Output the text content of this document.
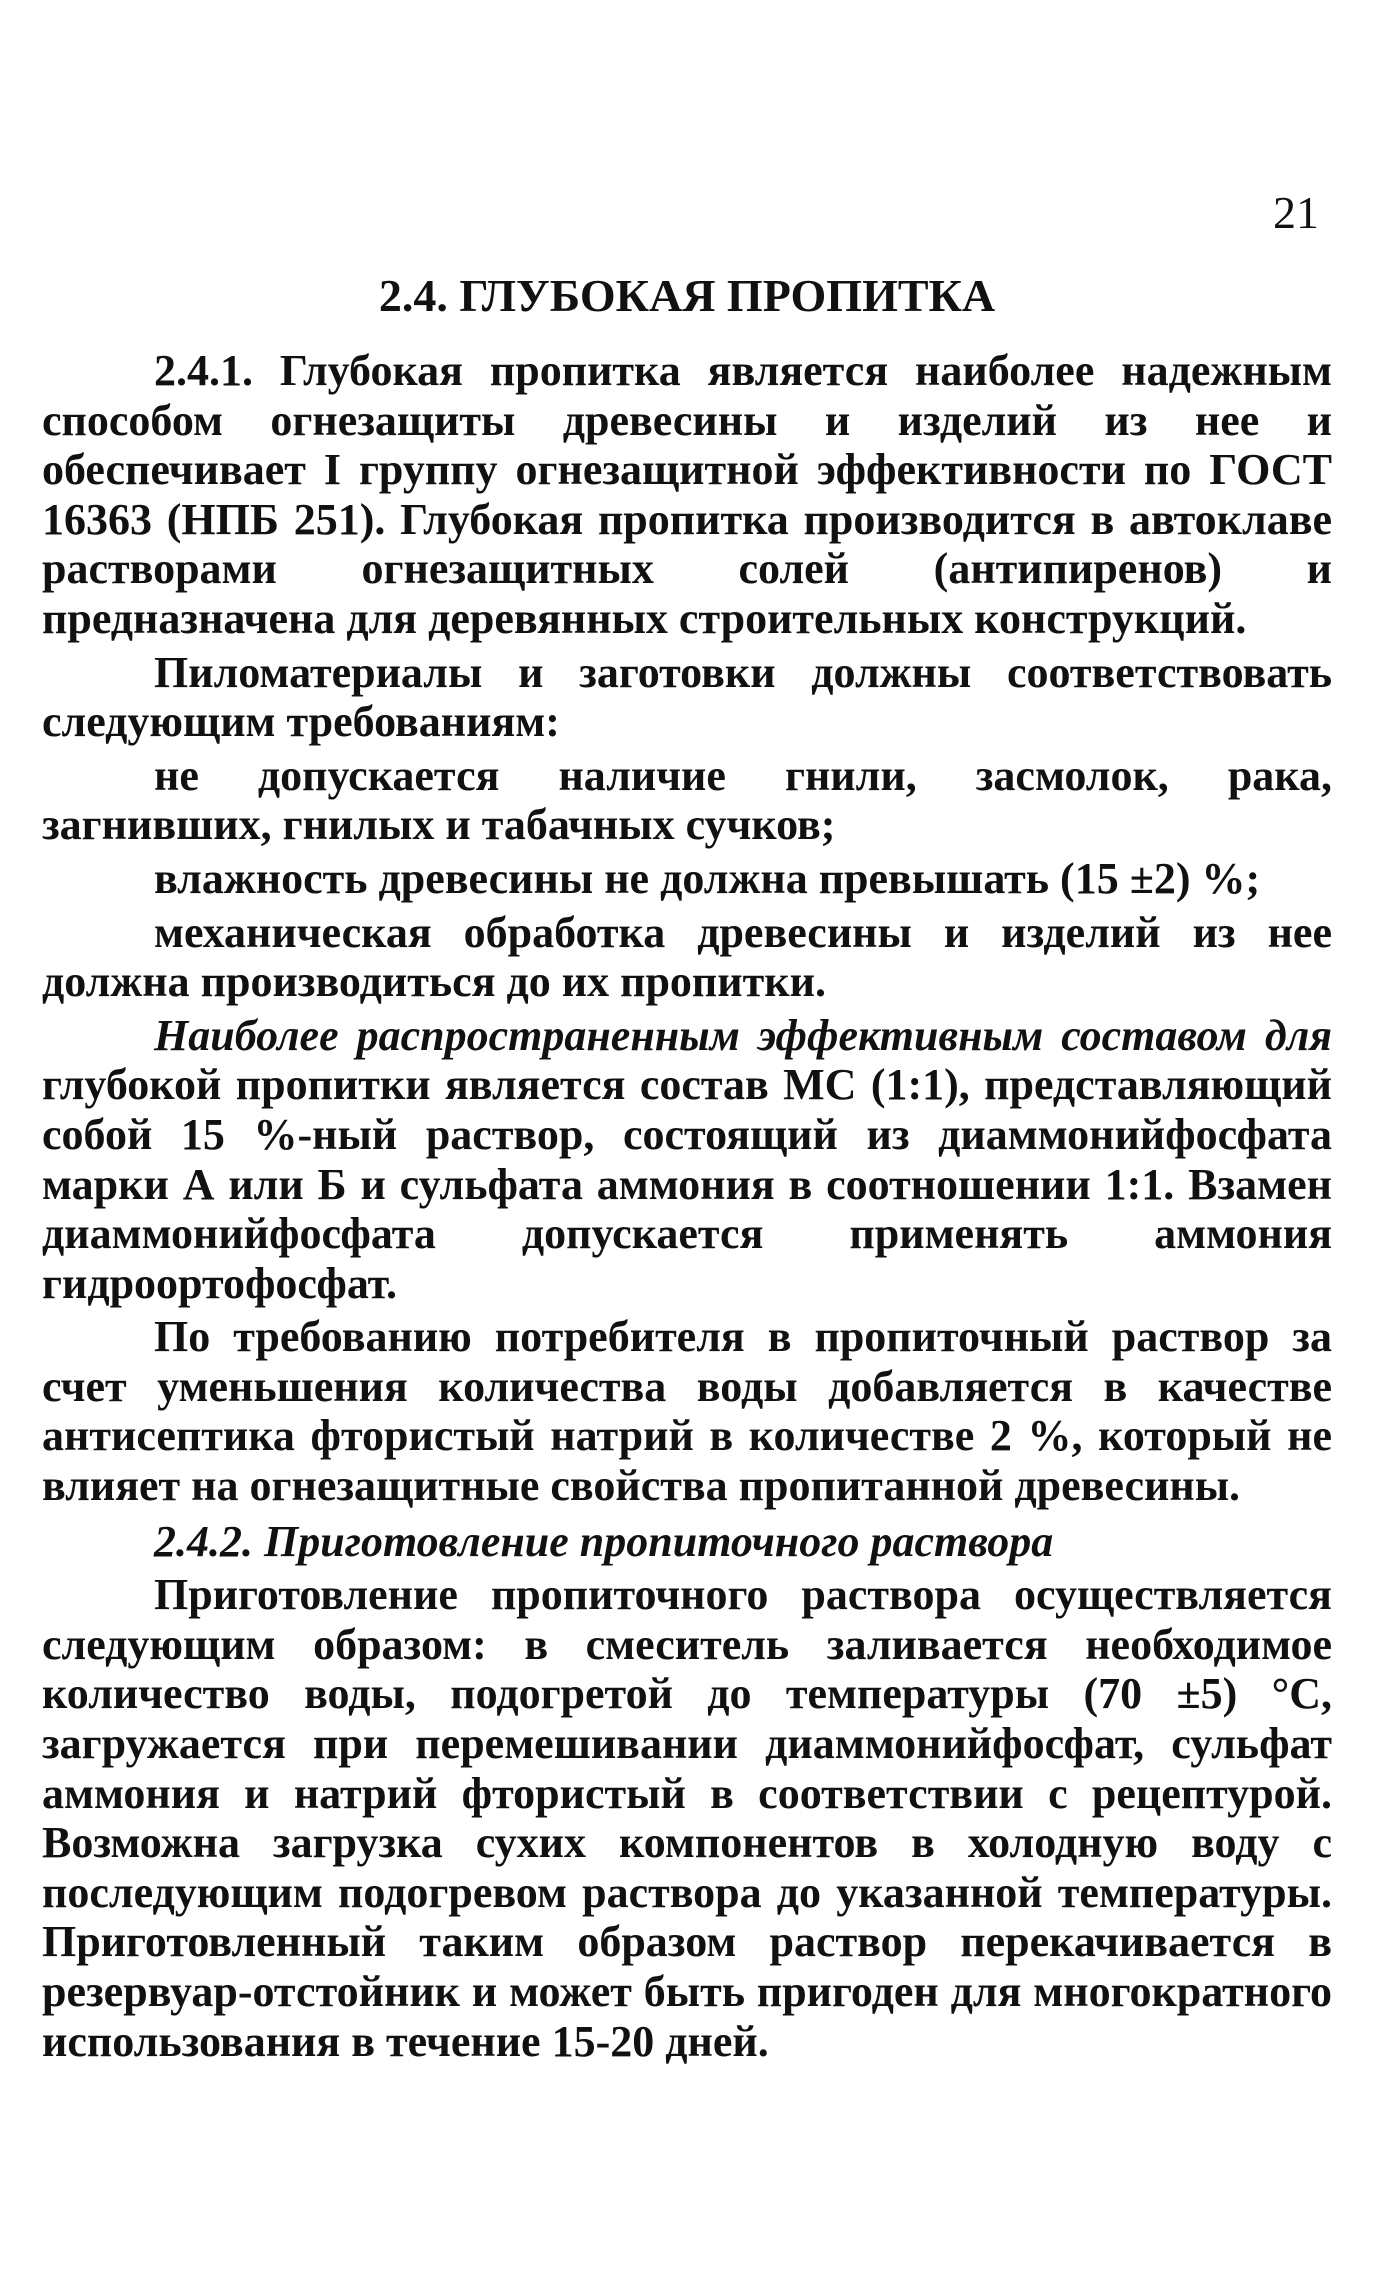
21
2.4. ГЛУБОКАЯ ПРОПИТКА

2.4.1. Глубокая пропитка является наиболее надежным способом огнезащиты древесины и изделий из нее и обеспечивает I группу огнезащитной эффективности по ГОСТ 16363 (НПБ 251). Глубокая пропитка производится в автоклаве растворами огнезащитных солей (антипиренов) и предназначена для деревянных строительных конструкций.

Пиломатериалы и заготовки должны соответствовать следующим требованиям:

не допускается наличие гнили, засмолок, рака, загнивших, гнилых и табачных сучков;

влажность древесины не должна превышать (15 ±2) %;

механическая обработка древесины и изделий из нее должна производиться до их пропитки.

Наиболее распространенным эффективным составом для глубокой пропитки является состав МС (1:1), представляющий собой 15 %-ный раствор, состоящий из диаммонийфосфата марки А или Б и сульфата аммония в соотношении 1:1. Взамен диаммонийфосфата допускается применять аммония гидроортофосфат.

По требованию потребителя в пропиточный раствор за счет уменьшения количества воды добавляется в качестве антисептика фтористый натрий в количестве 2 %, который не влияет на огнезащитные свойства пропитанной древесины.

2.4.2. Приготовление пропиточного раствора

Приготовление пропиточного раствора осуществляется следующим образом: в смеситель заливается необходимое количество воды, подогретой до температуры (70 ±5) °С, загружается при перемешивании диаммонийфосфат, сульфат аммония и натрий фтористый в соответствии с рецептурой. Возможна загрузка сухих компонентов в холодную воду с последующим подогревом раствора до указанной температуры. Приготовленный таким образом раствор перекачивается в резервуар-отстойник и может быть пригоден для многократного использования в течение 15-20 дней.
